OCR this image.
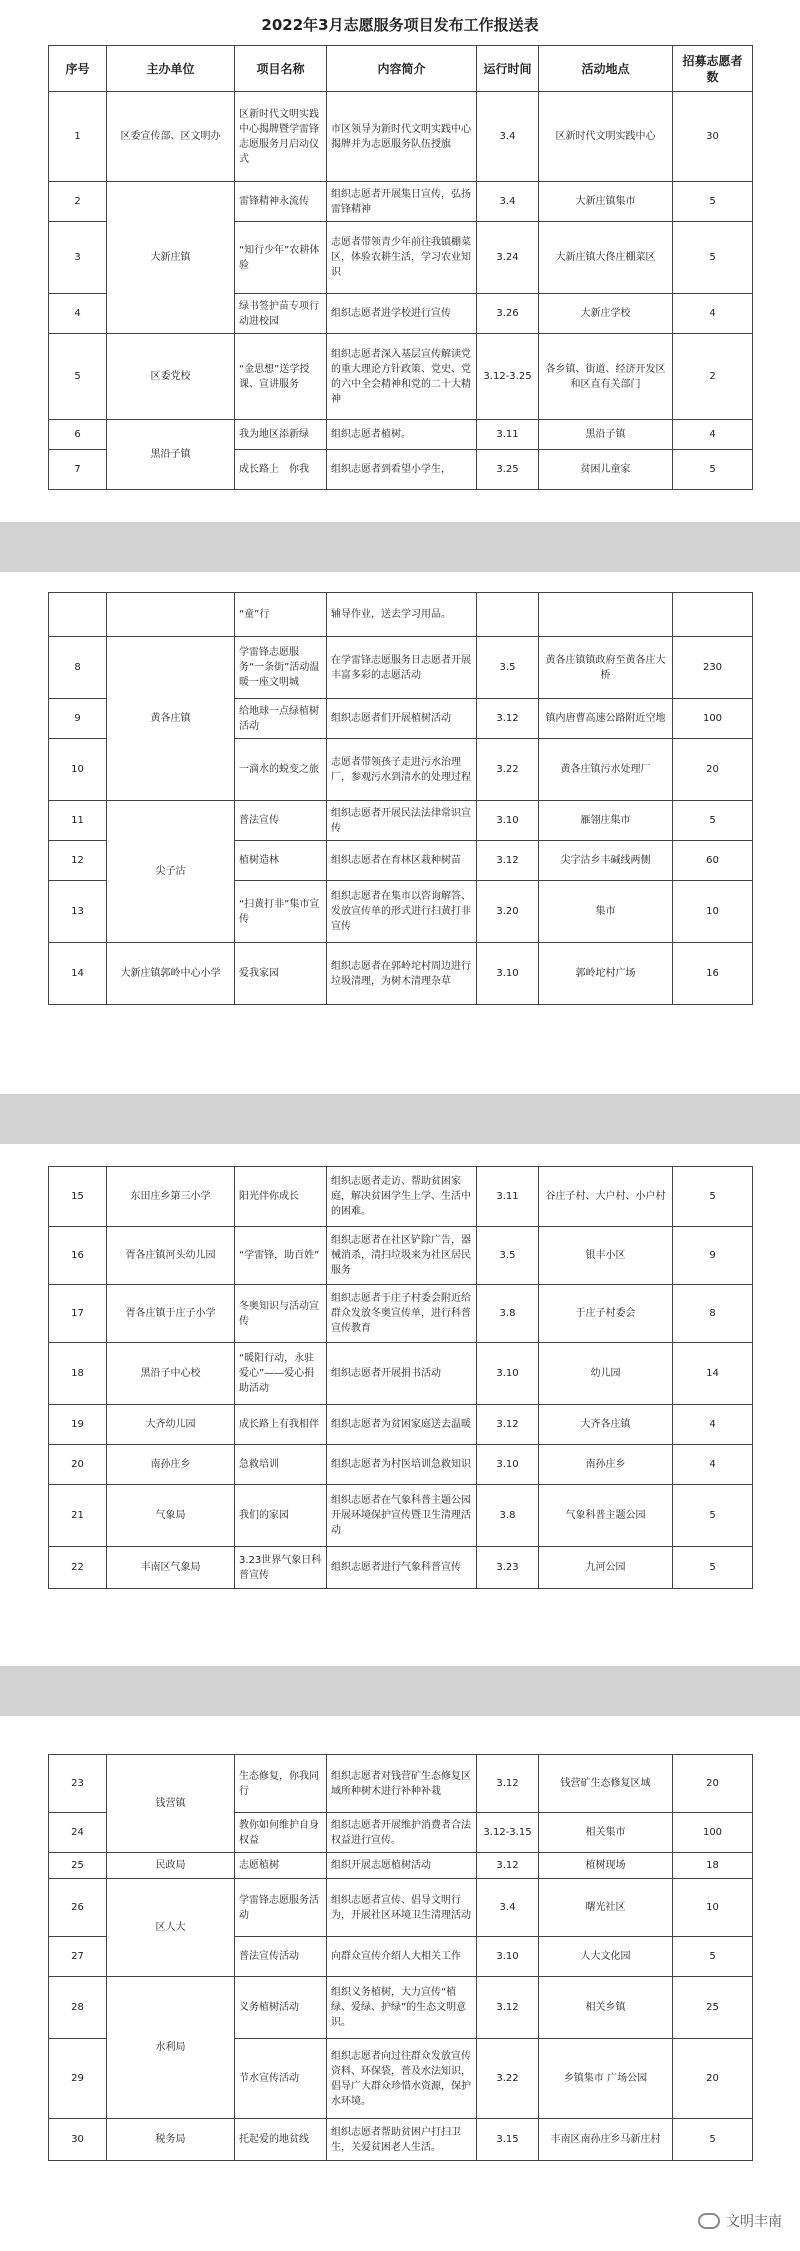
2022年3月志愿服务项目发布工作报送表
序号	主办单位	项目名称	内容简介	运行时间	活动地点	招募志愿者数
1	区委宣传部、区文明办	区新时代文明实践中心揭牌暨学雷锋志愿服务月启动仪式	市区领导为新时代文明实践中心揭牌并为志愿服务队伍授旗	3.4	区新时代文明实践中心	30
2	大新庄镇	雷锋精神永流传	组织志愿者开展集日宣传，弘扬雷锋精神	3.4	大新庄镇集市	5
3		“知行少年”农耕体验	志愿者带领青少年前往我镇棚菜区，体验农耕生活，学习农业知识	3.24	大新庄镇大佟庄棚菜区	5
4		绿书签护苗专项行动进校园	组织志愿者进学校进行宣传	3.26	大新庄学校	4
5	区委党校	“金思想”送学授课、宣讲服务	组织志愿者深入基层宣传解读党的重大理论方针政策、党史、党的六中全会精神和党的二十大精神	3.12-3.25	各乡镇、街道、经济开发区和区直有关部门	2
6	黑沿子镇	我为地区添新绿	组织志愿者植树。	3.11	黑沿子镇	4
7		成长路上　你我	组织志愿者到看望小学生，	3.25	贫困儿童家	5
		“童”行	辅导作业，送去学习用品。			
8	黄各庄镇	学雷锋志愿服务“一条街”活动温暖一座文明城	在学雷锋志愿服务日志愿者开展丰富多彩的志愿活动	3.5	黄各庄镇镇政府至黄各庄大桥	230
9		给地球一点绿植树活动	组织志愿者们开展植树活动	3.12	镇内唐曹高速公路附近空地	100
10		一滴水的蜕变之旅	志愿者带领孩子走进污水治理厂，参观污水到清水的处理过程	3.22	黄各庄镇污水处理厂	20
11	尖子沽	普法宣传	组织志愿者开展民法法律常识宣传	3.10	雁翎庄集市	5
12		植树造林	组织志愿者在育林区栽种树苗	3.12	尖字沽乡丰碱线两侧	60
13		“扫黄打非”集市宣传	组织志愿者在集市以咨询解答、发放宣传单的形式进行扫黄打非宣传	3.20	集市	10
14	大新庄镇郭岭中心小学	爱我家园	组织志愿者在郭岭坨村周边进行垃圾清理，为树木清理杂草	3.10	郭岭坨村广场	16
15	东田庄乡第三小学	阳光伴你成长	组织志愿者走访、帮助贫困家庭，解决贫困学生上学、生活中的困难。	3.11	谷庄子村、大户村、小户村	5
16	胥各庄镇河头幼儿园	“学雷锋，助百姓”	组织志愿者在社区铲除广告，器械消杀，清扫垃圾来为社区居民服务	3.5	银丰小区	9
17	胥各庄镇于庄子小学	冬奥知识与活动宣传	组织志愿者于庄子村委会附近给群众发放冬奥宣传单，进行科普宣传教育	3.8	于庄子村委会	8
18	黑沿子中心校	“暖阳行动，永驻爱心”——爱心捐助活动	组织志愿者开展捐书活动	3.10	幼儿园	14
19	大齐幼儿园	成长路上有我相伴	组织志愿者为贫困家庭送去温暖	3.12	大齐各庄镇	4
20	南孙庄乡	急救培训	组织志愿者为村医培训急救知识	3.10	南孙庄乡	4
21	气象局	我们的家园	组织志愿者在气象科普主题公园开展环境保护宣传暨卫生清理活动	3.8	气象科普主题公园	5
22	丰南区气象局	3.23世界气象日科普宣传	组织志愿者进行气象科普宣传	3.23	九河公园	5
23	钱营镇	生态修复，你我同行	组织志愿者对钱营矿生态修复区域所种树木进行补种补栽	3.12	钱营矿生态修复区域	20
24		教你如何维护自身权益	组织志愿者开展维护消费者合法权益进行宣传。	3.12-3.15	相关集市	100
25	民政局	志愿植树	组织开展志愿植树活动	3.12	植树现场	18
26	区人大	学雷锋志愿服务活动	组织志愿者宣传、倡导文明行为，开展社区环境卫生清理活动	3.4	曙光社区	10
27		普法宣传活动	向群众宣传介绍人大相关工作	3.10	人大文化园	5
28	水利局	义务植树活动	组织义务植树，大力宣传“植绿、爱绿、护绿”的生态文明意识。	3.12	相关乡镇	25
29		节水宣传活动	组织志愿者向过往群众发放宣传资料、环保袋，普及水法知识，倡导广大群众珍惜水资源，保护水环境。	3.22	乡镇集市 广场公园	20
30	税务局	托起爱的地贫线	组织志愿者帮助贫困户打扫卫生，关爱贫困老人生活。	3.15	丰南区南孙庄乡马新庄村	5
文明丰南
